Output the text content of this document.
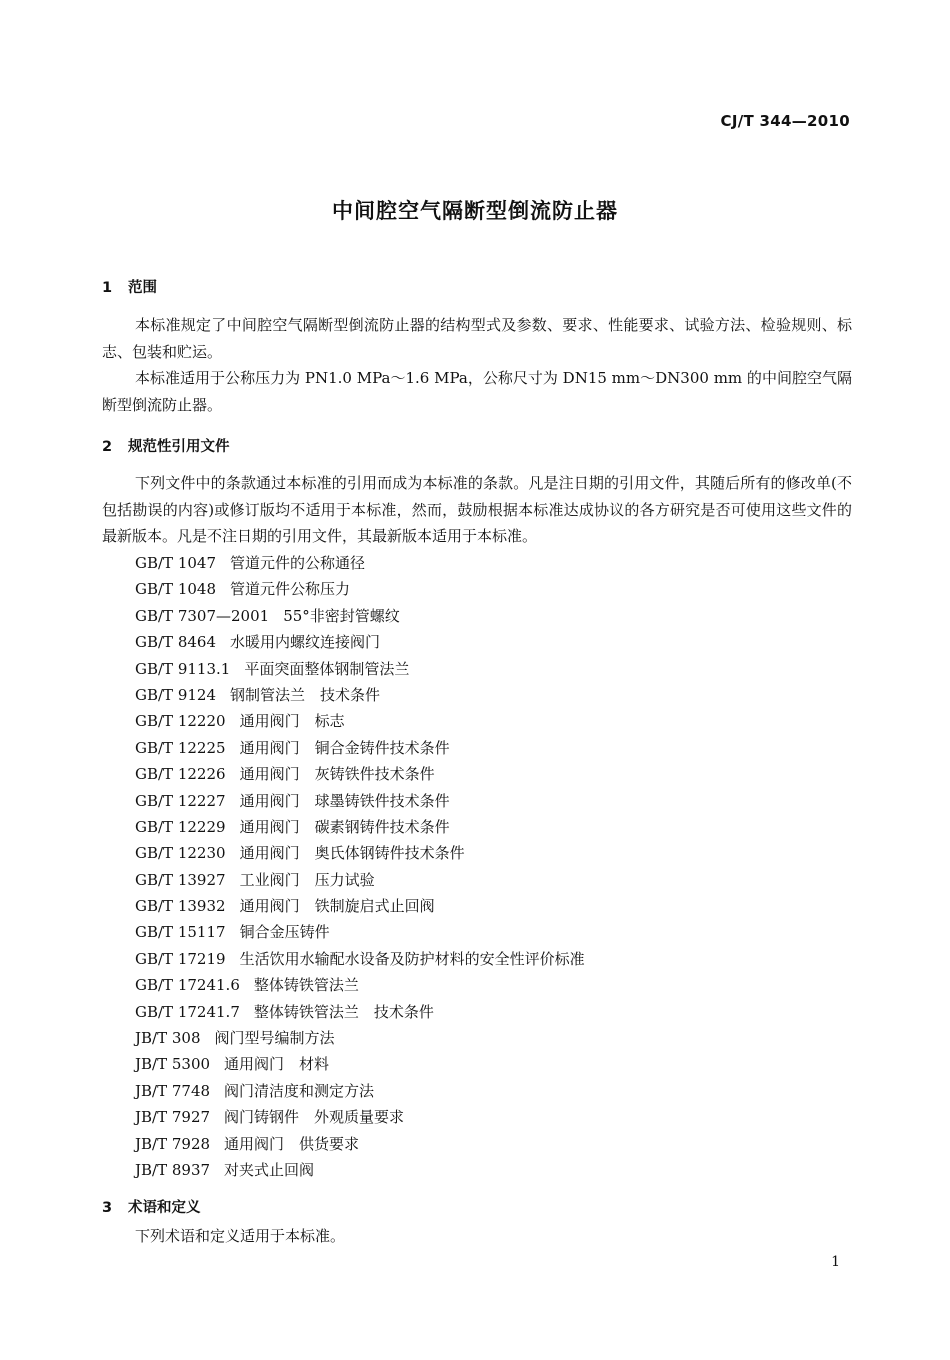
CJ/T 344—2010
中间腔空气隔断型倒流防止器
1 范围

本标准规定了中间腔空气隔断型倒流防止器的结构型式及参数、要求、性能要求、试验方法、检验规则、标志、包装和贮运。

本标准适用于公称压力为 PN1.0 MPa～1.6 MPa，公称尺寸为 DN15 mm～DN300 mm 的中间腔空气隔断型倒流防止器。

2 规范性引用文件

下列文件中的条款通过本标准的引用而成为本标准的条款。凡是注日期的引用文件，其随后所有的修改单(不包括勘误的内容)或修订版均不适用于本标准，然而，鼓励根据本标准达成协议的各方研究是否可使用这些文件的最新版本。凡是不注日期的引用文件，其最新版本适用于本标准。

GB/T 1047 管道元件的公称通径
GB/T 1048 管道元件公称压力
GB/T 7307—2001 55°非密封管螺纹
GB/T 8464 水暖用内螺纹连接阀门
GB/T 9113.1 平面突面整体钢制管法兰
GB/T 9124 钢制管法兰　技术条件
GB/T 12220 通用阀门　标志
GB/T 12225 通用阀门　铜合金铸件技术条件
GB/T 12226 通用阀门　灰铸铁件技术条件
GB/T 12227 通用阀门　球墨铸铁件技术条件
GB/T 12229 通用阀门　碳素钢铸件技术条件
GB/T 12230 通用阀门　奥氏体钢铸件技术条件
GB/T 13927 工业阀门　压力试验
GB/T 13932 通用阀门　铁制旋启式止回阀
GB/T 15117 铜合金压铸件
GB/T 17219 生活饮用水输配水设备及防护材料的安全性评价标准
GB/T 17241.6 整体铸铁管法兰
GB/T 17241.7 整体铸铁管法兰　技术条件
JB/T 308 阀门型号编制方法
JB/T 5300 通用阀门　材料
JB/T 7748 阀门清洁度和测定方法
JB/T 7927 阀门铸钢件　外观质量要求
JB/T 7928 通用阀门　供货要求
JB/T 8937 对夹式止回阀
3 术语和定义

下列术语和定义适用于本标准。

1
